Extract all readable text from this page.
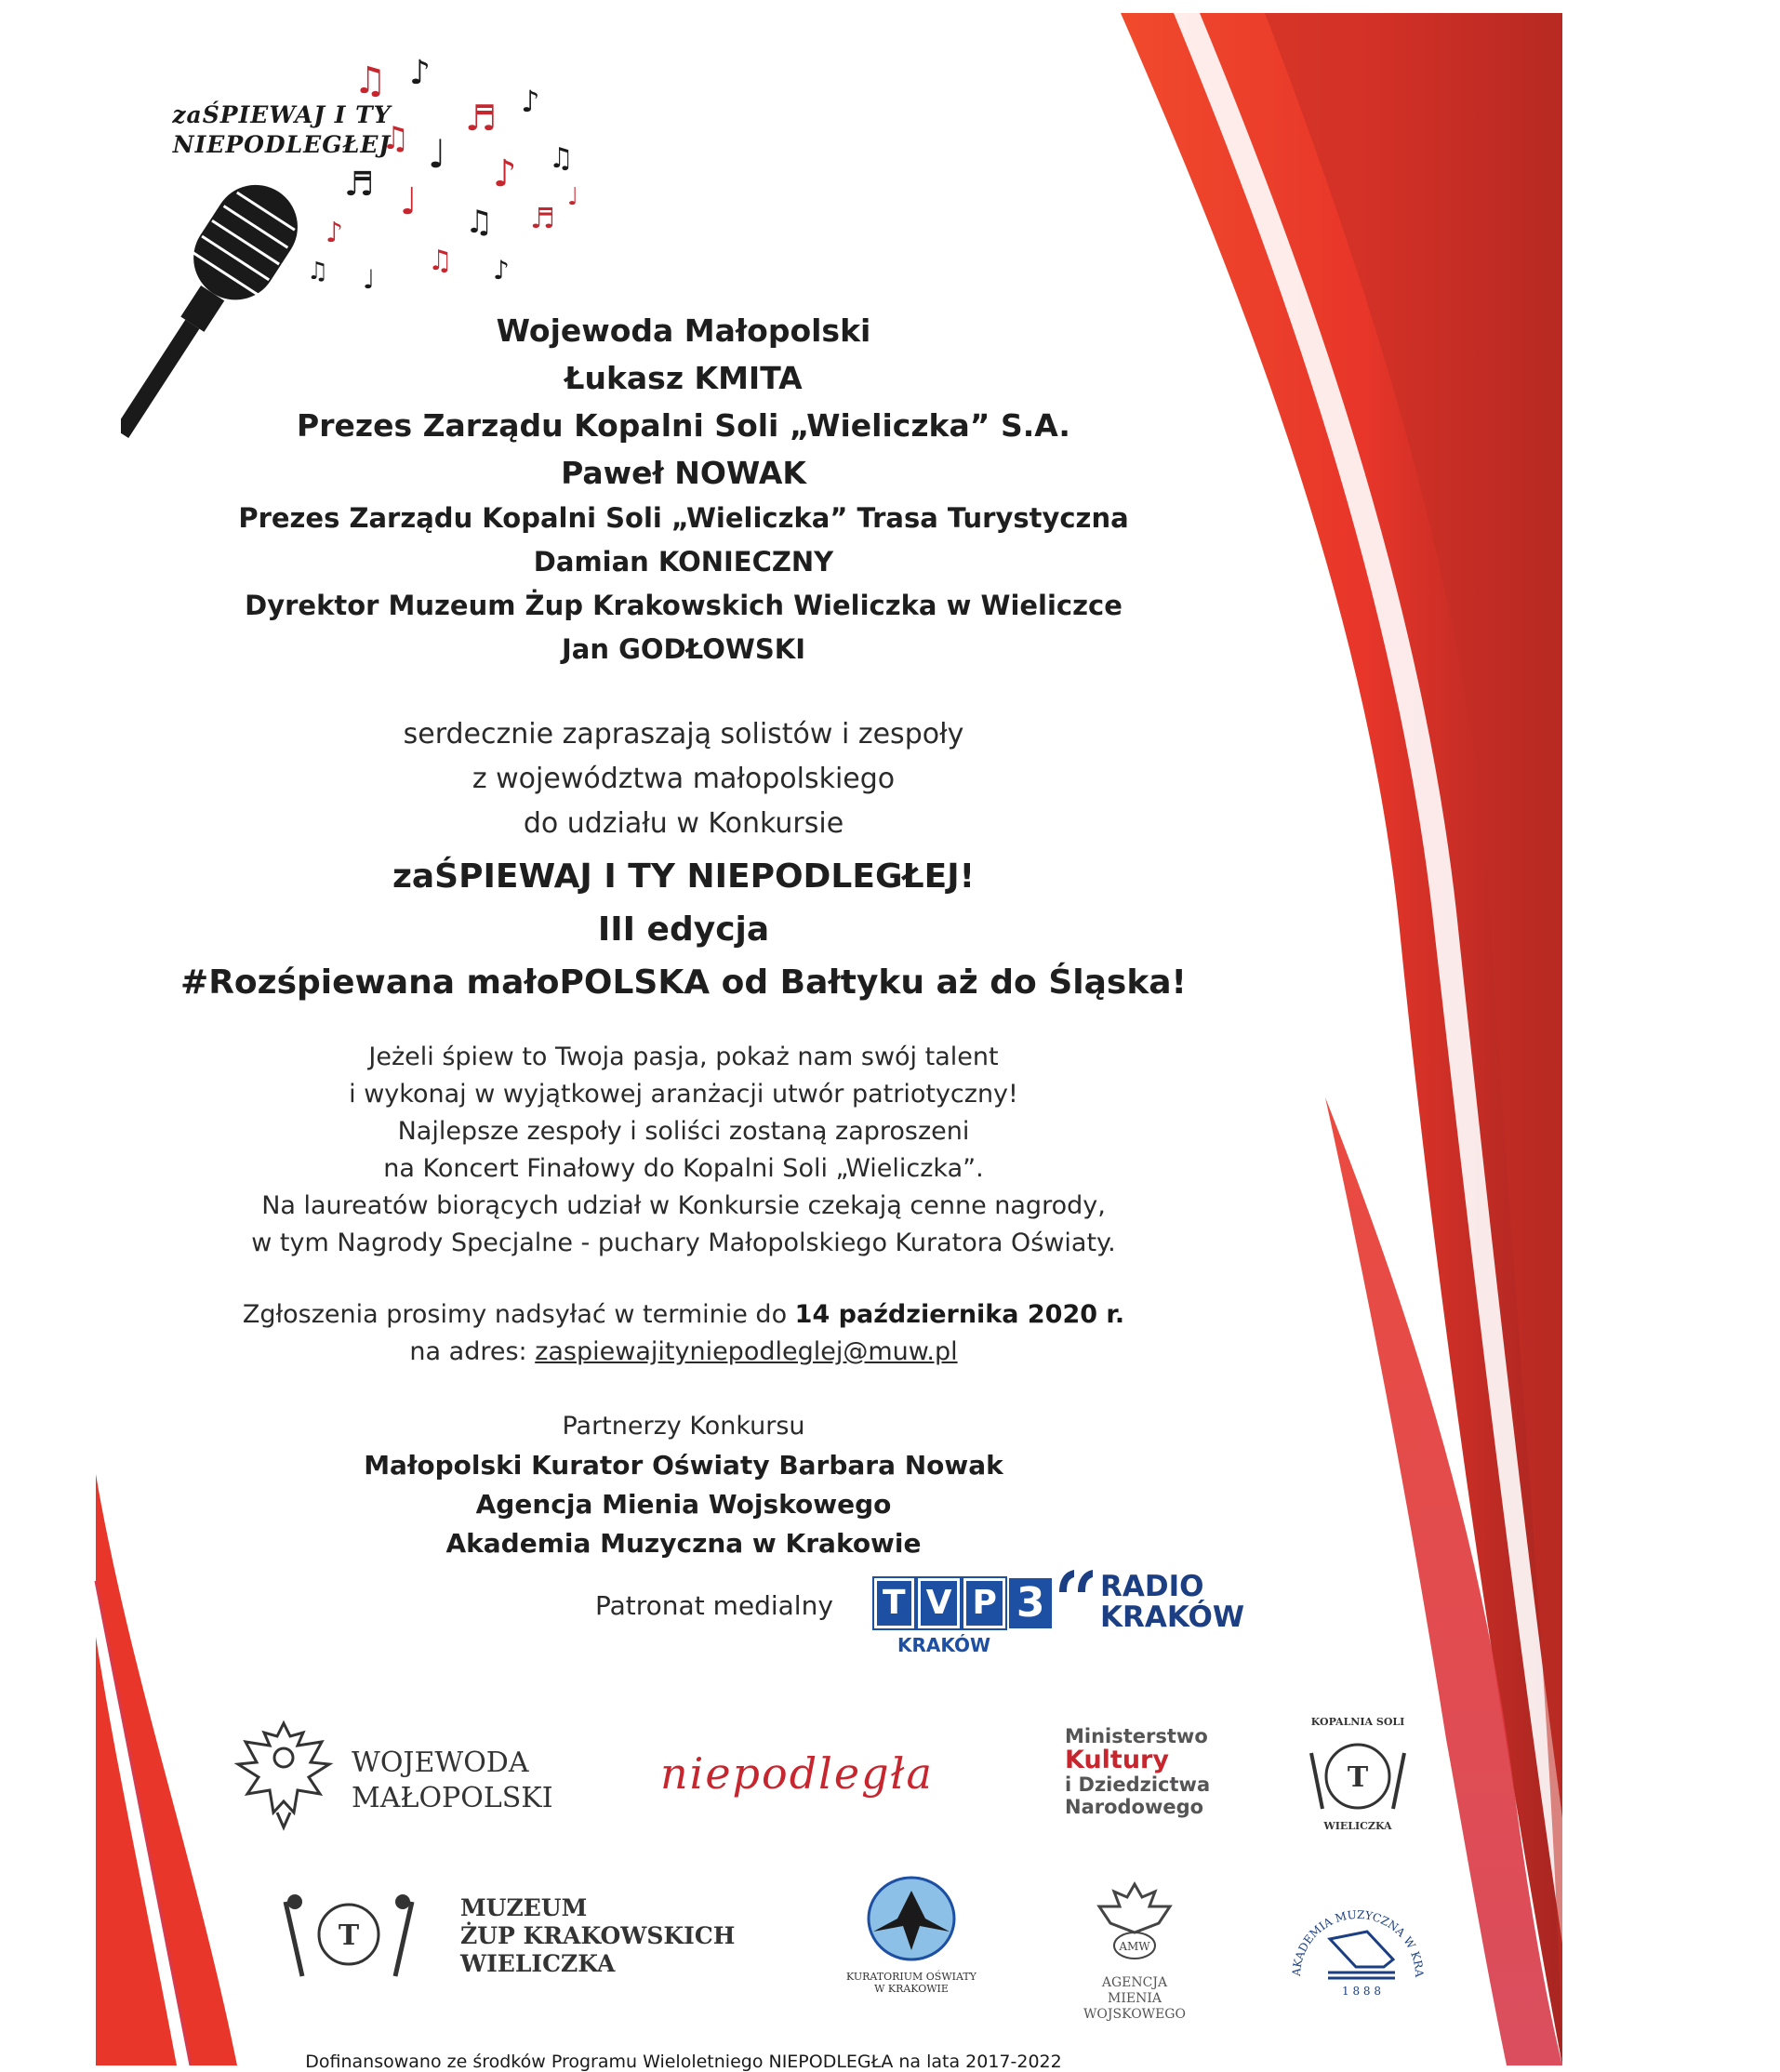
♫ ♪
♬
♩
♪
♫
♪ ♫
♬ ♩ ♫ ♬
♪
♫ ♪
♩
♫
♩
zaŚPIEWAJ I TY
NIEPODLEGŁEJ
Wojewoda Małopolski
Łukasz KMITA
Prezes Zarządu Kopalni Soli „Wieliczka” S.A.
Paweł NOWAK
Prezes Zarządu Kopalni Soli „Wieliczka” Trasa Turystyczna
Damian KONIECZNY
Dyrektor Muzeum Żup Krakowskich Wieliczka w Wieliczce
Jan GODŁOWSKI
serdecznie zapraszają solistów i zespoły
z województwa małopolskiego
do udziału w Konkursie
zaŚPIEWAJ I TY NIEPODLEGŁEJ!
III edycja
#Rozśpiewana małoPOLSKA od Bałtyku aż do Śląska!
Jeżeli śpiew to Twoja pasja, pokaż nam swój talent
i wykonaj w wyjątkowej aranżacji utwór patriotyczny!
Najlepsze zespoły i soliści zostaną zaproszeni
na Koncert Finałowy do Kopalni Soli „Wieliczka”.
Na laureatów biorących udział w Konkursie czekają cenne nagrody,
w tym Nagrody Specjalne - puchary Małopolskiego Kuratora Oświaty.
Zgłoszenia prosimy nadsyłać w terminie do 14 października 2020 r.
na adres: zaspiewajityniepodleglej@muw.pl
Partnerzy Konkursu
Małopolski Kurator Oświaty Barbara Nowak
Agencja Mienia Wojskowego
Akademia Muzyczna w Krakowie
Patronat medialny T V P 3
KRAKÓW
RADIO
KRAKÓW
WOJEWODA
MAŁOPOLSKI	niepodległa
Ministerstwo
Kultury
i Dziedzictwa
Narodowego
T
KOPALNIA SOLI
WIELICZKA
T
MUZEUM
ŻUP KRAKOWSKICH
WIELICZKA	KURATORIUM OŚWIATY
W KRAKOWIE
AMW
AGENCJA
MIENIA WOJSKOWEGO
AKADEMIA MUZYCZNA W KRA
1 8 8 8
Dofinansowano ze środków Programu Wieloletniego NIEPODLEGŁA na lata 2017-2022
